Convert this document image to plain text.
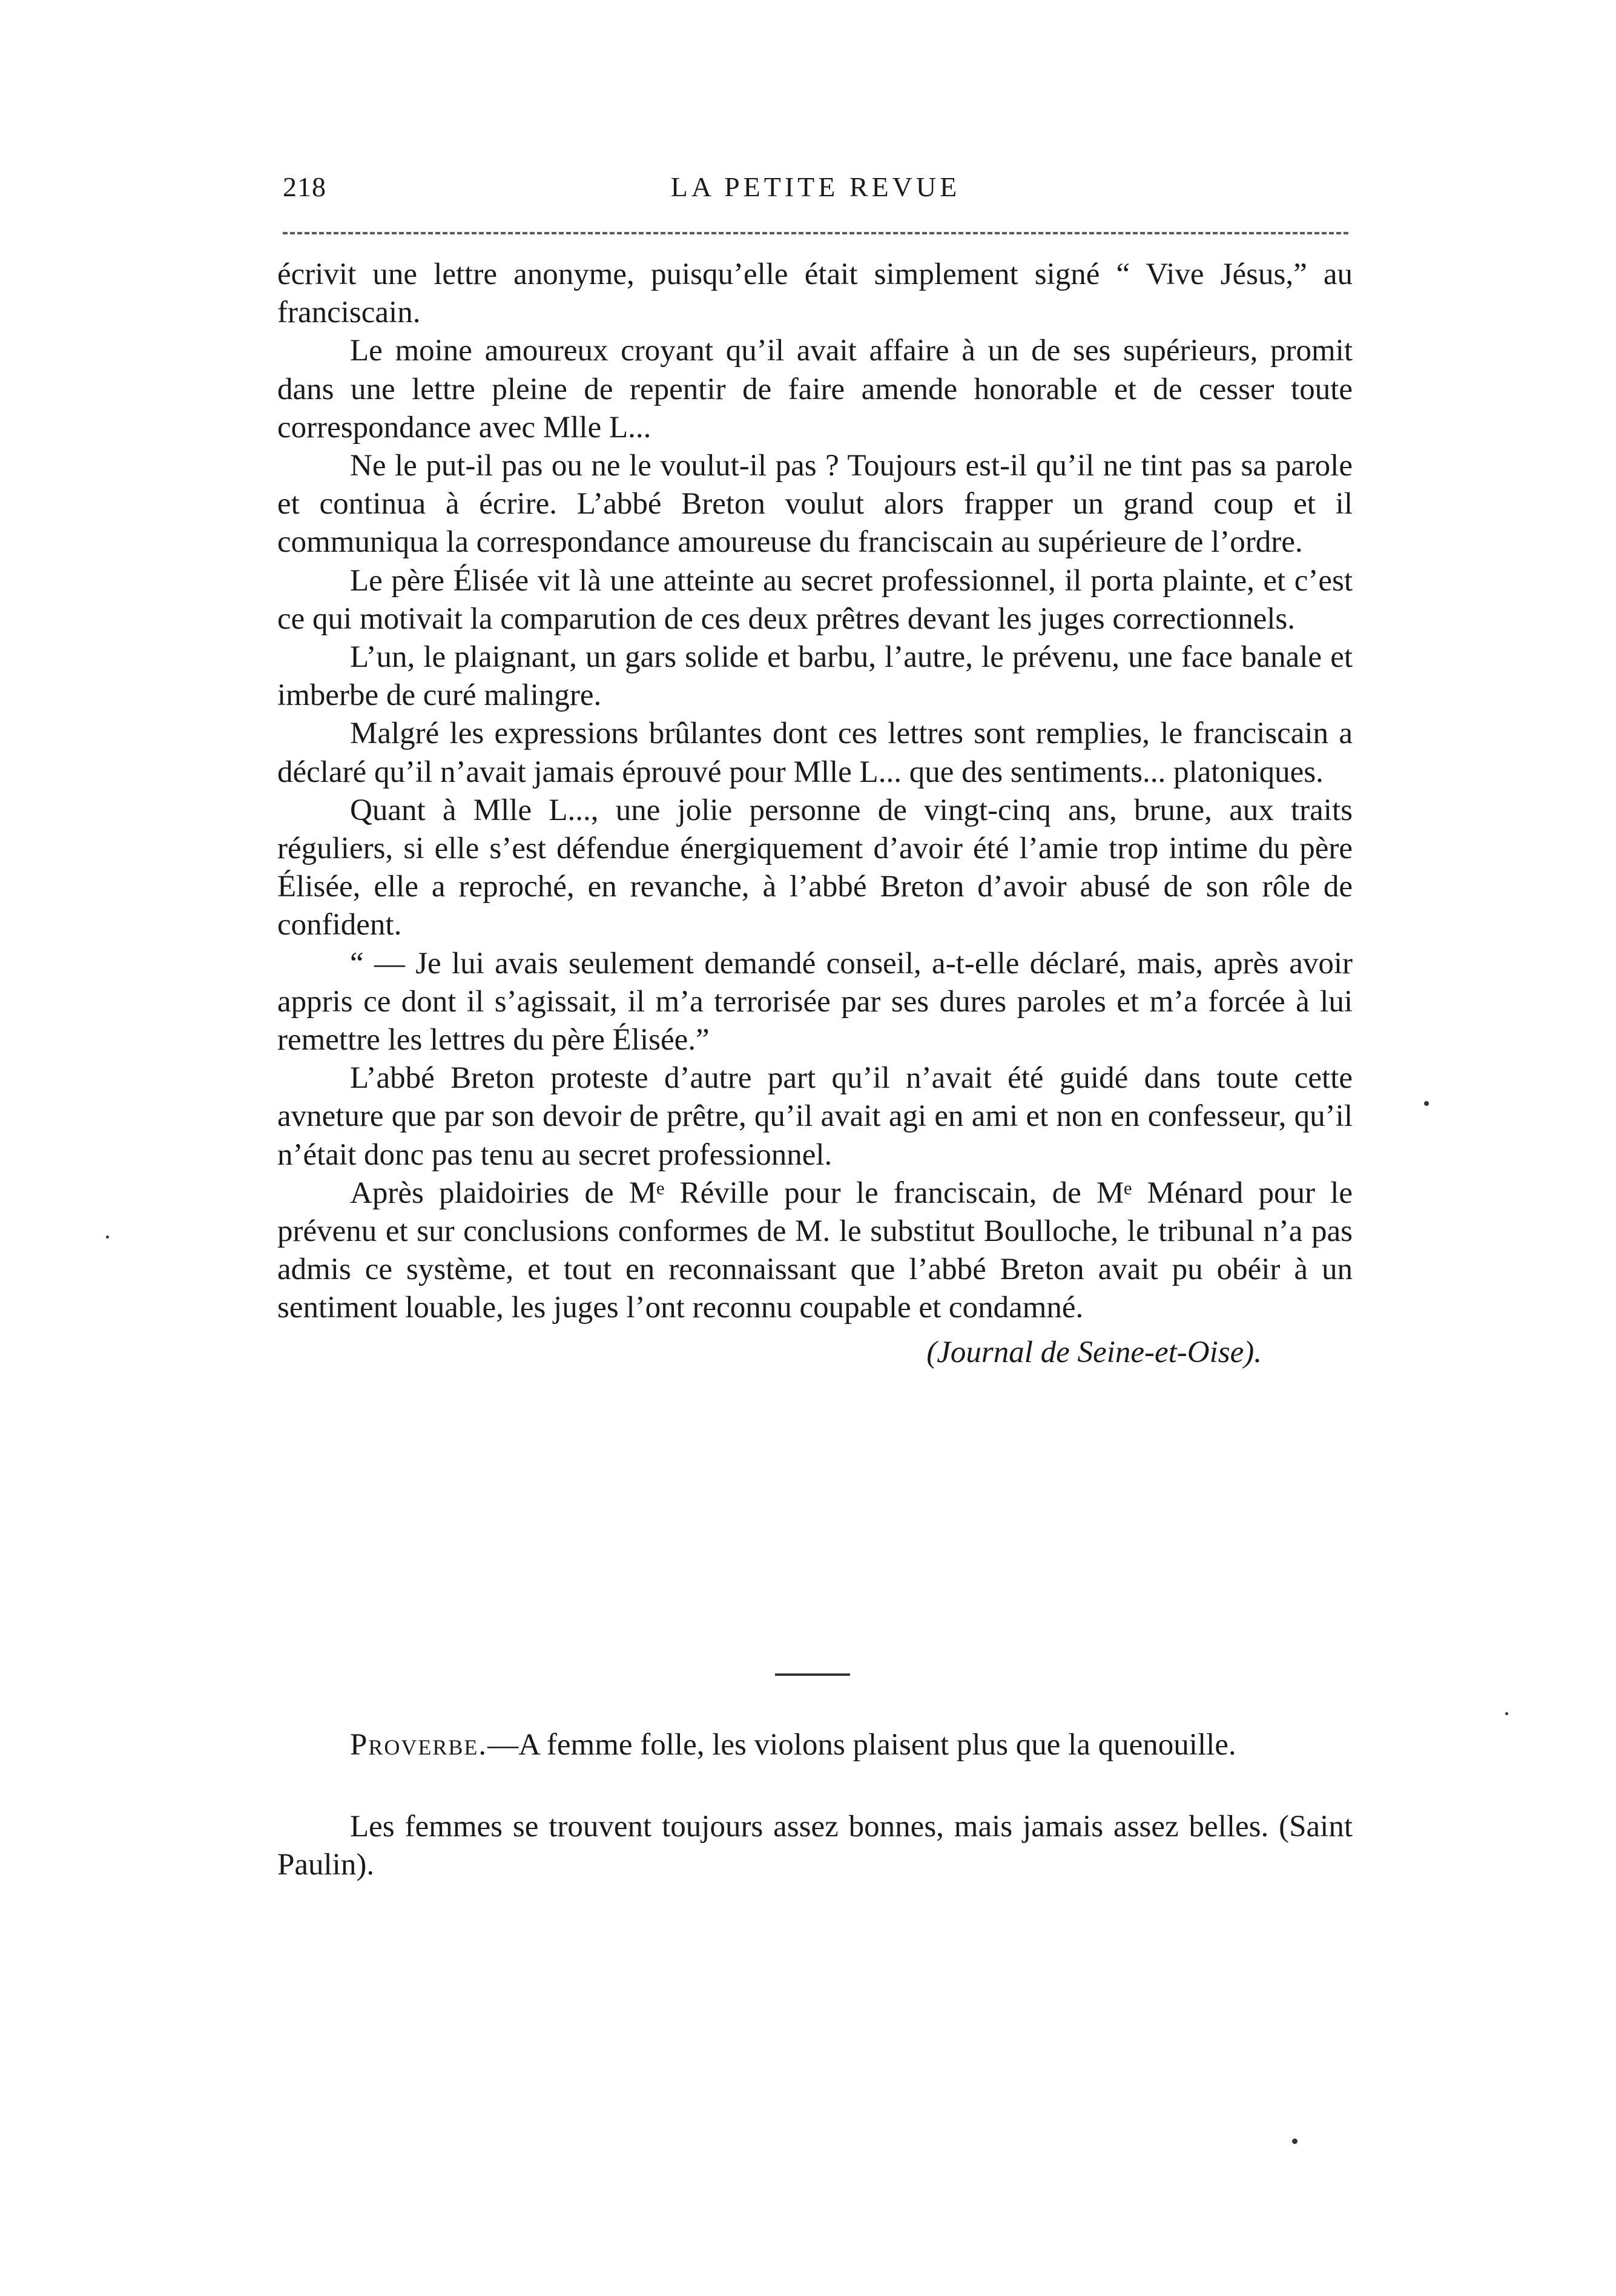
218	LA PETITE REVUE

écrivit une lettre anonyme, puisqu’elle était simplement signé “ Vive Jésus,” au franciscain.

Le moine amoureux croyant qu’il avait affaire à un de ses supérieurs, promit dans une lettre pleine de repentir de faire amende honorable et de cesser toute correspondance avec Mlle L...

Ne le put-il pas ou ne le voulut-il pas ? Toujours est-il qu’il ne tint pas sa parole et continua à écrire. L’abbé Breton voulut alors frapper un grand coup et il communiqua la correspondance amoureuse du franciscain au supérieure de l’ordre.

Le père Élisée vit là une atteinte au secret professionnel, il porta plainte, et c’est ce qui motivait la comparution de ces deux prêtres devant les juges correctionnels.

L’un, le plaignant, un gars solide et barbu, l’autre, le prévenu, une face banale et imberbe de curé malingre.

Malgré les expressions brûlantes dont ces lettres sont remplies, le franciscain a déclaré qu’il n’avait jamais éprouvé pour Mlle L... que des sentiments... platoniques.

Quant à Mlle L..., une jolie personne de vingt-cinq ans, brune, aux traits réguliers, si elle s’est défendue énergiquement d’avoir été l’amie trop intime du père Élisée, elle a reproché, en revanche, à l’abbé Breton d’avoir abusé de son rôle de confident.

“ — Je lui avais seulement demandé conseil, a-t-elle déclaré, mais, après avoir appris ce dont il s’agissait, il m’a terrorisée par ses dures paroles et m’a forcée à lui remettre les lettres du père Élisée.”

L’abbé Breton proteste d’autre part qu’il n’avait été guidé dans toute cette avneture que par son devoir de prêtre, qu’il avait agi en ami et non en confesseur, qu’il n’était donc pas tenu au secret professionnel.

Après plaidoiries de Mᵉ Réville pour le franciscain, de Mᵉ Ménard pour le prévenu et sur conclusions conformes de M. le substitut Boulloche, le tribunal n’a pas admis ce système, et tout en reconnaissant que l’abbé Breton avait pu obéir à un sentiment louable, les juges l’ont reconnu coupable et condamné.

(Journal de Seine-et-Oise).

Proverbe.—A femme folle, les violons plaisent plus que la quenouille.

Les femmes se trouvent toujours assez bonnes, mais jamais assez belles. (Saint Paulin).
